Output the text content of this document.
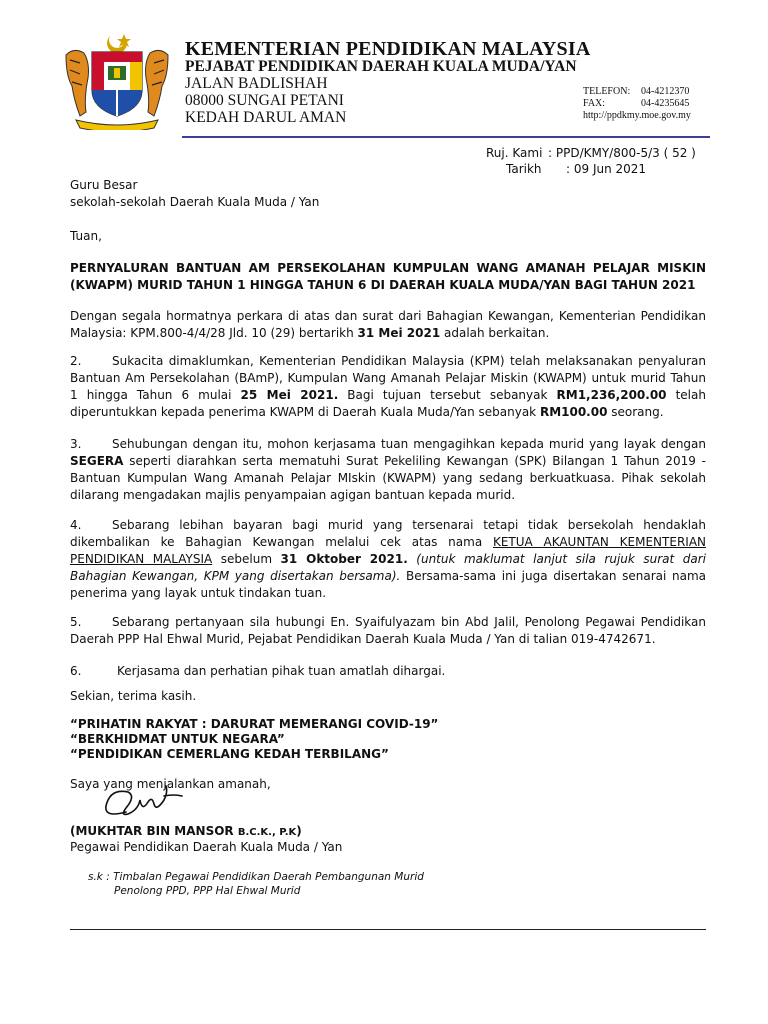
KEMENTERIAN PENDIDIKAN MALAYSIA
PEJABAT PENDIDIKAN DAERAH KUALA MUDA/YAN
JALAN BADLISHAH
08000 SUNGAI PETANI
KEDAH DARUL AMAN
TELEFON: 04-4212370
FAX:	04-4235645
http://ppdkmy.moe.gov.my
Ruj. Kami : PPD/KMY/800-5/3 ( 52 )
Tarikh : 09 Jun 2021

Guru Besar

sekolah-sekolah Daerah Kuala Muda / Yan

Tuan,

PERNYALURAN BANTUAN AM PERSEKOLAHAN KUMPULAN WANG AMANAH PELAJAR MISKIN (KWAPM) MURID TAHUN 1 HINGGA TAHUN 6 DI DAERAH KUALA MUDA/YAN BAGI TAHUN 2021

Dengan segala hormatnya perkara di atas dan surat dari Bahagian Kewangan, Kementerian Pendidikan Malaysia: KPM.800-4/4/28 Jld. 10 (29) bertarikh 31 Mei 2021 adalah berkaitan.

2.	Sukacita dimaklumkan, Kementerian Pendidikan Malaysia (KPM) telah melaksanakan penyaluran Bantuan Am Persekolahan (BAmP), Kumpulan Wang Amanah Pelajar Miskin (KWAPM) untuk murid Tahun 1 hingga Tahun 6 mulai 25 Mei 2021. Bagi tujuan tersebut sebanyak RM1,236,200.00 telah diperuntukkan kepada penerima KWAPM di Daerah Kuala Muda/Yan sebanyak RM100.00 seorang.

3.	Sehubungan dengan itu, mohon kerjasama tuan mengagihkan kepada murid yang layak dengan SEGERA seperti diarahkan serta mematuhi Surat Pekeliling Kewangan (SPK) Bilangan 1 Tahun 2019 - Bantuan Kumpulan Wang Amanah Pelajar MIskin (KWAPM) yang sedang berkuatkuasa. Pihak sekolah dilarang mengadakan majlis penyampaian agigan bantuan kepada murid.

4.	Sebarang lebihan bayaran bagi murid yang tersenarai tetapi tidak bersekolah hendaklah dikembalikan ke Bahagian Kewangan melalui cek atas nama KETUA AKAUNTAN KEMENTERIAN PENDIDIKAN MALAYSIA sebelum 31 Oktober 2021. (untuk maklumat lanjut sila rujuk surat dari Bahagian Kewangan, KPM yang disertakan bersama). Bersama-sama ini juga disertakan senarai nama penerima yang layak untuk tindakan tuan.

5.	Sebarang pertanyaan sila hubungi En. Syaifulyazam bin Abd Jalil, Penolong Pegawai Pendidikan Daerah PPP Hal Ehwal Murid, Pejabat Pendidikan Daerah Kuala Muda / Yan di talian 019-4742671.

6.	Kerjasama dan perhatian pihak tuan amatlah dihargai.

Sekian, terima kasih.

“PRIHATIN RAKYAT : DARURAT MEMERANGI COVID-19”

“BERKHIDMAT UNTUK NEGARA”

“PENDIDIKAN CEMERLANG KEDAH TERBILANG”

Saya yang menjalankan amanah,

(MUKHTAR BIN MANSOR B.C.K., P.K)

Pegawai Pendidikan Daerah Kuala Muda / Yan

s.k : Timbalan Pegawai Pendidikan Daerah Pembangunan Murid
Penolong PPD, PPP Hal Ehwal Murid
